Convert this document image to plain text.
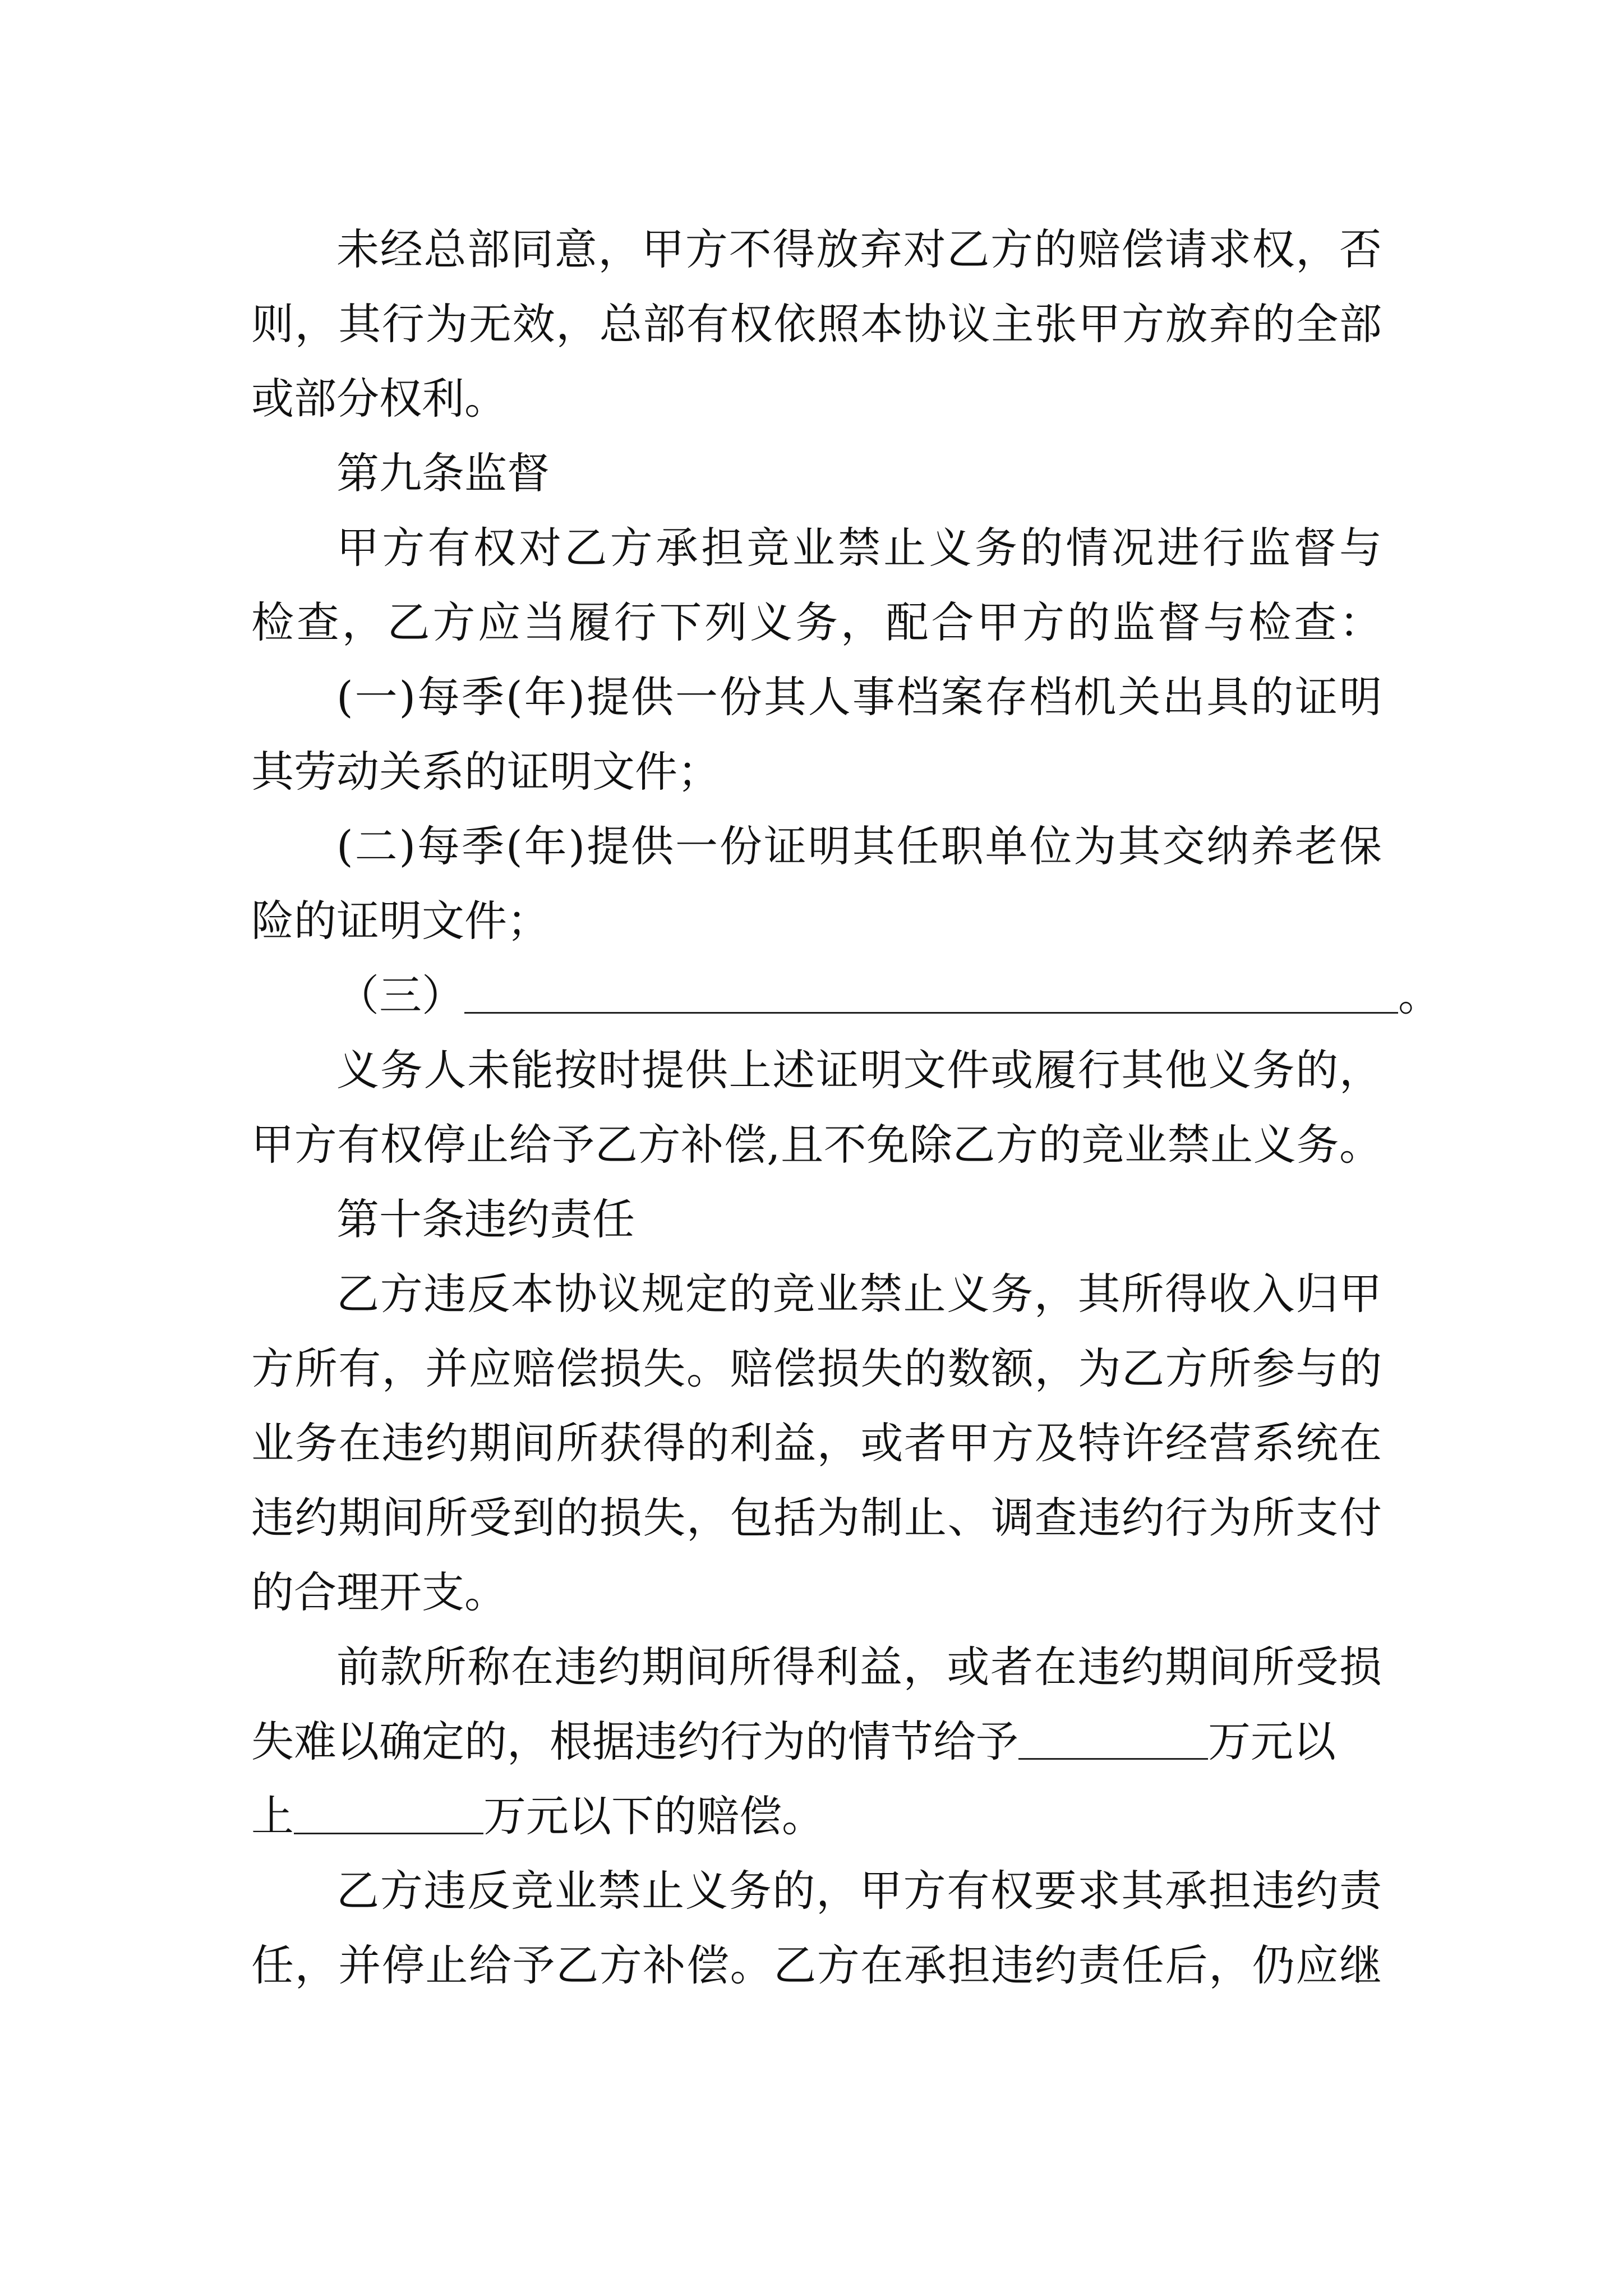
未经总部同意，甲方不得放弃对乙方的赔偿请求权，否
则，其行为无效，总部有权依照本协议主张甲方放弃的全部
或部分权利。
第九条监督
甲方有权对乙方承担竞业禁止义务的情况进行监督与
检查，乙方应当履行下列义务，配合甲方的监督与检查：
(一)每季(年)提供一份其人事档案存档机关出具的证明
其劳动关系的证明文件；
(二)每季(年)提供一份证明其任职单位为其交纳养老保
险的证明文件；
（三）	。
义务人未能按时提供上述证明文件或履行其他义务的，
甲方有权停止给予乙方补偿,且不免除乙方的竞业禁止义务。
第十条违约责任
乙方违反本协议规定的竞业禁止义务，其所得收入归甲
方所有，并应赔偿损失。赔偿损失的数额，为乙方所参与的
业务在违约期间所获得的利益，或者甲方及特许经营系统在
违约期间所受到的损失，包括为制止、调查违约行为所支付
的合理开支。
前款所称在违约期间所得利益，或者在违约期间所受损
失难以确定的，根据违约行为的情节给予	万元以
上	万元以下的赔偿。
乙方违反竞业禁止义务的，甲方有权要求其承担违约责
任，并停止给予乙方补偿。乙方在承担违约责任后，仍应继
